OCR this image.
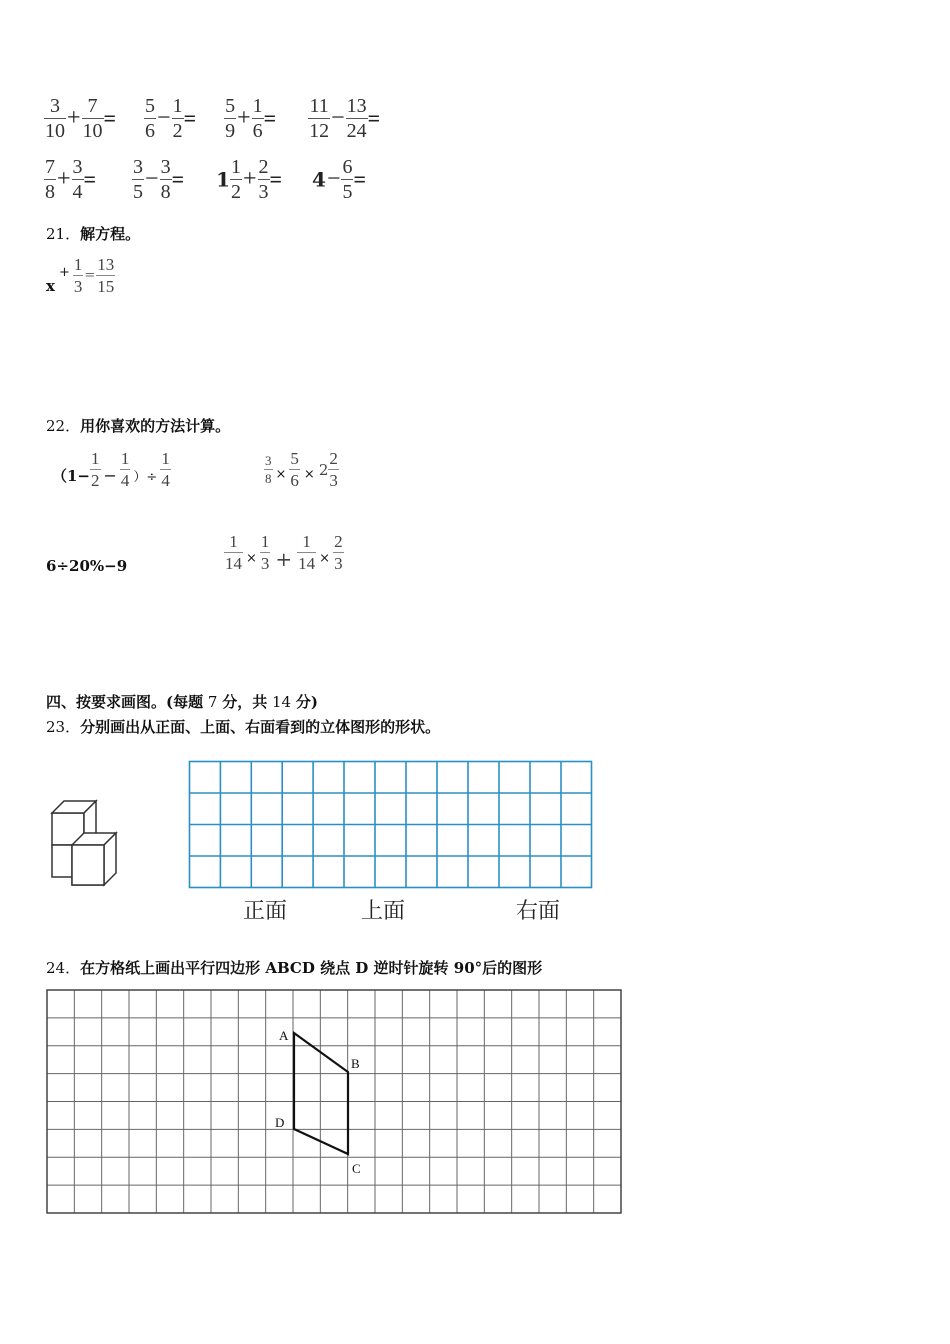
$\frac{3}{10} + \frac{7}{10} = \frac{5}{6} - \frac{1}{2} = \frac{5}{9} + \frac{1}{6} = \frac{11}{12} - \frac{13}{24}$ =
$\frac{7}{8} + \frac{3}{4} = \frac{3}{5} - \frac{3}{8} = 1 \frac{1}{2} + \frac{2}{3} = 4- \frac{6}{5}$ =
21．解方程。
x
+ $\frac{1}{3} = \frac{13}{15}$
22．用你喜欢的方法计算。
（$1- \frac{1}{2} - \frac{1}{4}$ ）÷ $\frac{1}{4}$	$\frac{3}{8} \times \frac{5}{6} \times 2 \frac{2}{3}$
6÷20%−9	$\frac{1}{14} \times \frac{1}{3} + \frac{1}{14} \times \frac{2}{3}$
四、按要求画图。(每题 7 分，共 14 分)
23．分别画出从正面、上面、右面看到的立体图形的形状。
正面	上面	右面
24．在方格纸上画出平行四边形 ABCD 绕点 D 逆时针旋转 90°后的图形
A
B
C
D
